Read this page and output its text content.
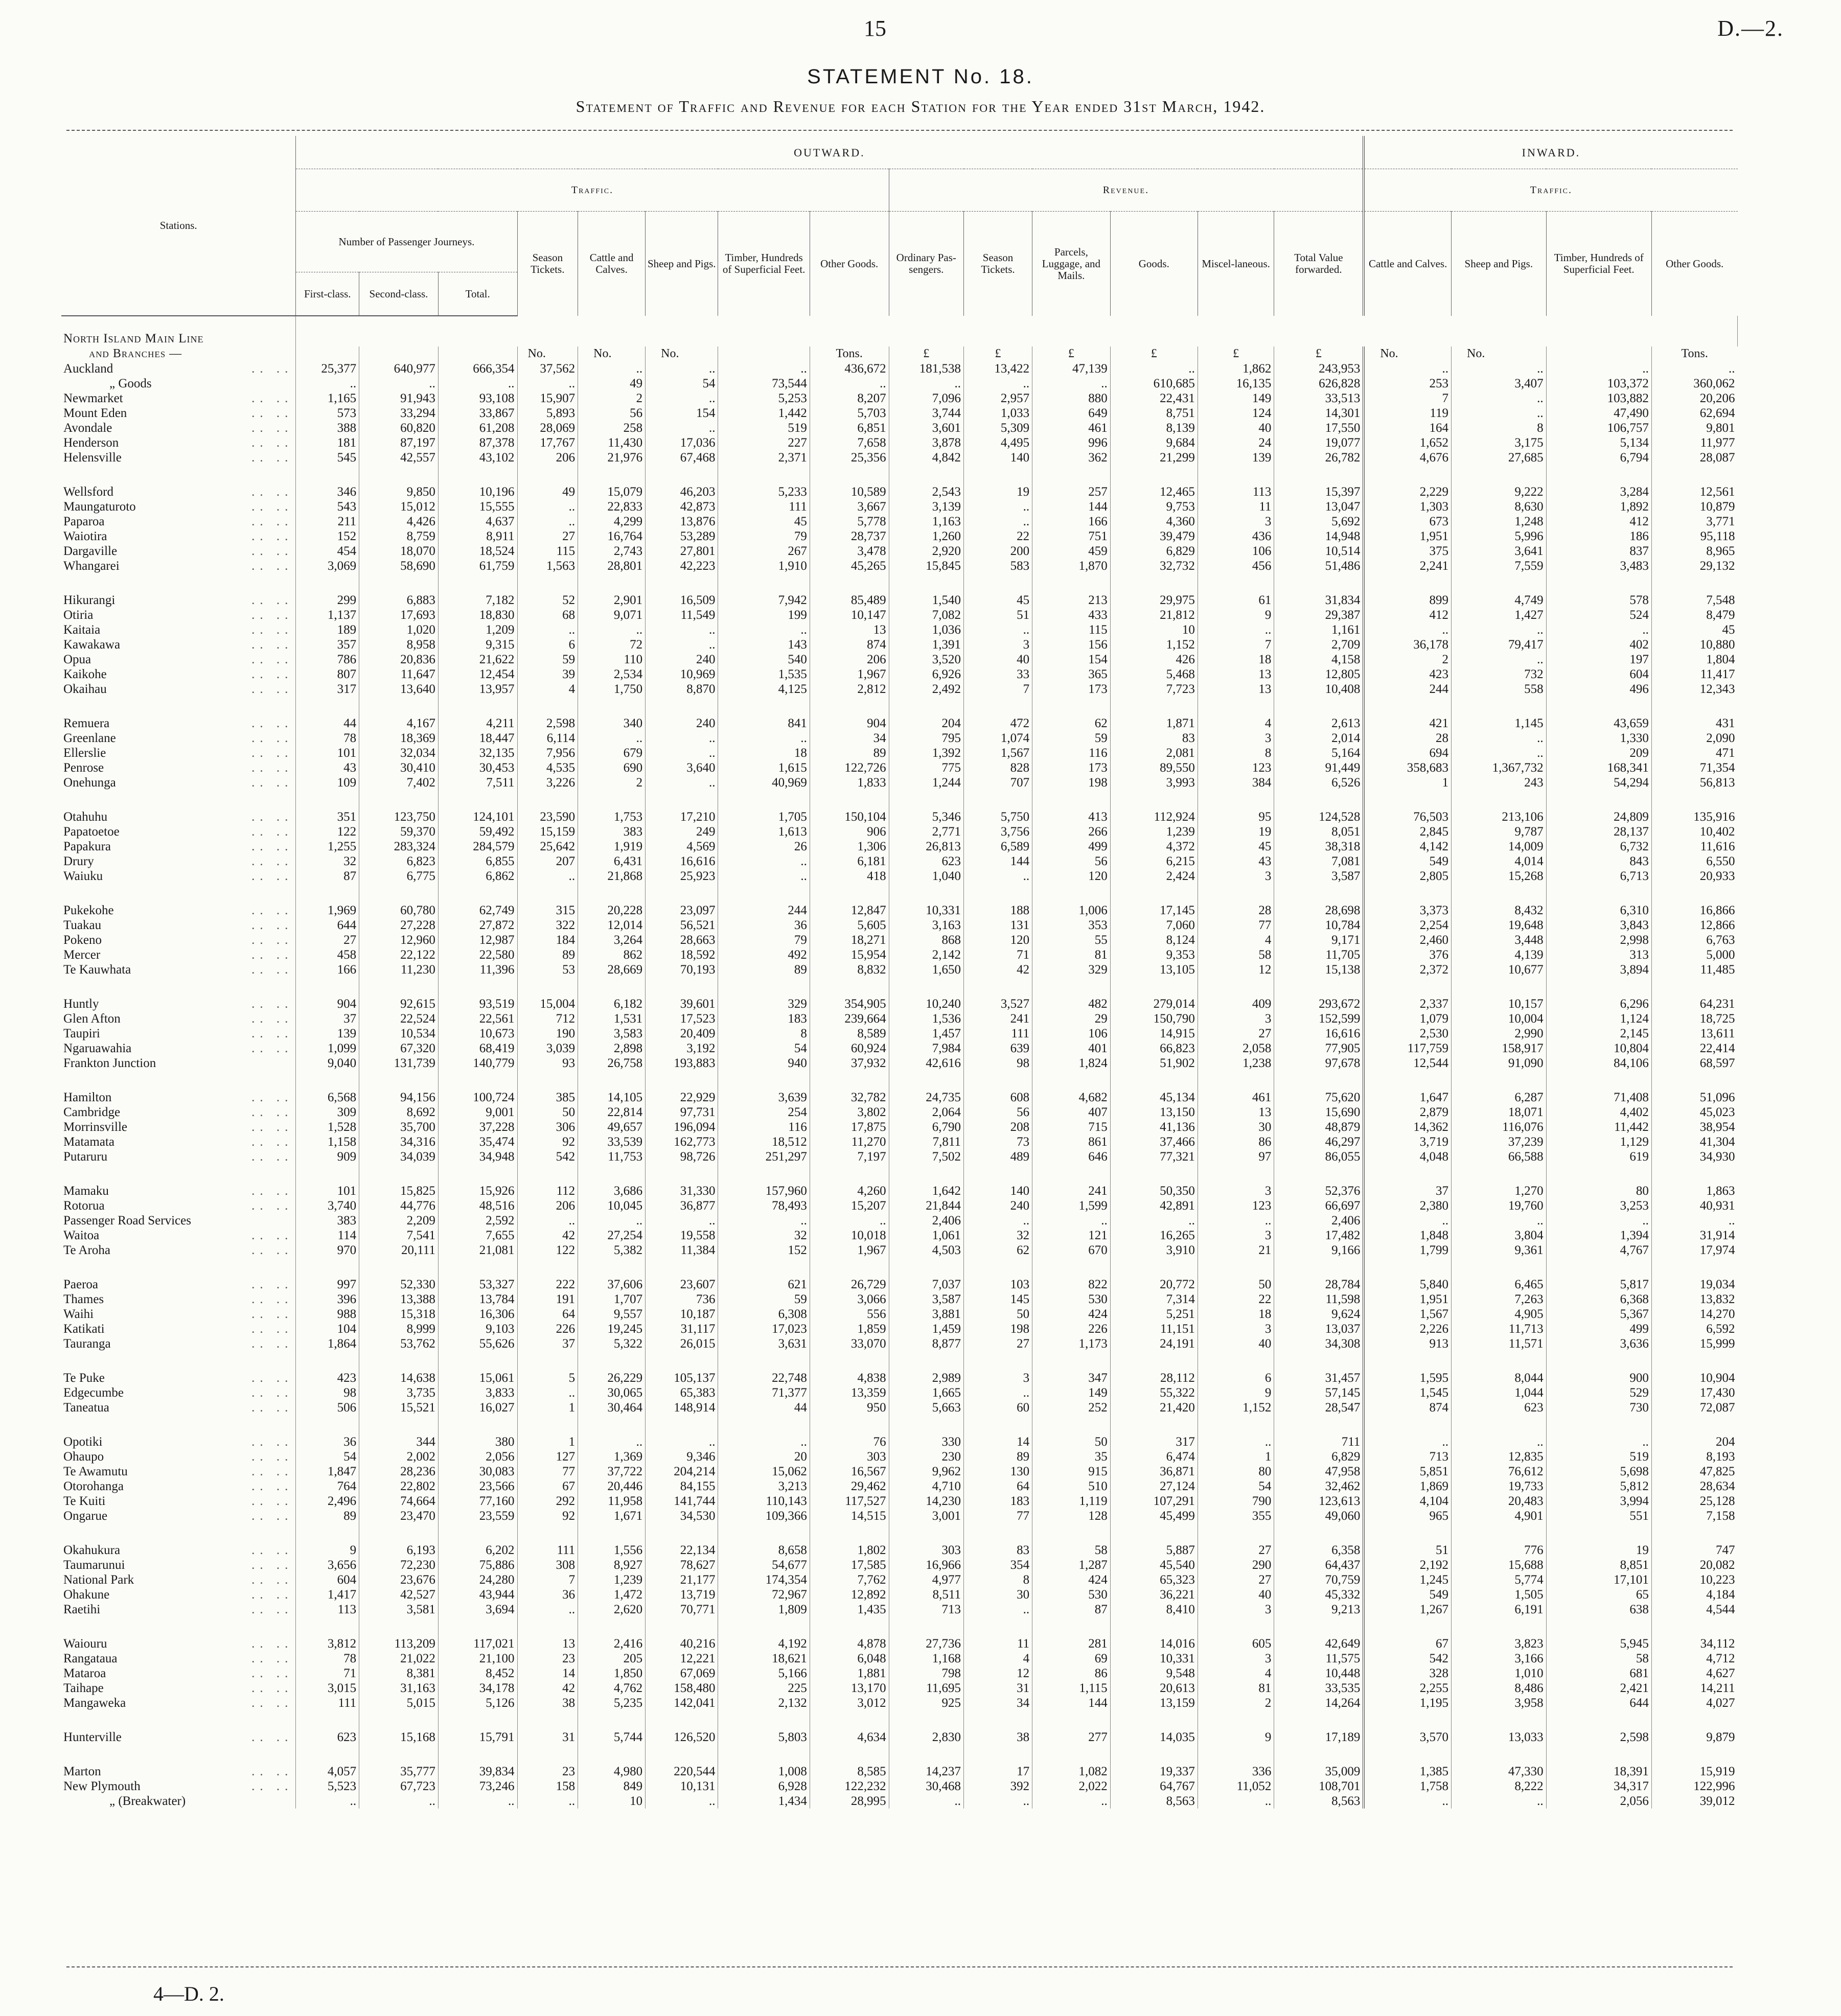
15	D.—2.
STATEMENT No. 18.
Statement of Traffic and Revenue for each Station for the Year ended 31st March, 1942.
Stations.	OUTWARD.														INWARD.			
	Traffic.								Revenue.						Traffic.			
	Number of Passenger Journeys.			Season Tickets.	Cattle and Calves.	Sheep and Pigs.	Timber, Hundreds of Superficial Feet.	Other Goods.	Ordinary Pas-sengers.	Season Tickets.	Parcels, Luggage, and Mails.	Goods.	Miscel-laneous.	Total Value forwarded.	Cattle and Calves.	Sheep and Pigs.	Timber, Hundreds of Superficial Feet.	Other Goods.
	First-class.	Second-class.	Total.															
North Island Main Line																		
and Branches —				No.	No.	No.		Tons.	£	£	£	£	£	£	No.	No.		Tons.
Auckland .. ..	25,377	640,977	666,354	37,562	..	..	..	436,672	181,538	13,422	47,139	..	1,862	243,953	..	..	..	..
„ Goods	..	..	..	..	49	54	73,544	..	..	..	..	610,685	16,135	626,828	253	3,407	103,372	360,062
Newmarket .. ..	1,165	91,943	93,108	15,907	2	..	5,253	8,207	7,096	2,957	880	22,431	149	33,513	7	..	103,882	20,206
Mount Eden .. ..	573	33,294	33,867	5,893	56	154	1,442	5,703	3,744	1,033	649	8,751	124	14,301	119	..	47,490	62,694
Avondale .. ..	388	60,820	61,208	28,069	258	..	519	6,851	3,601	5,309	461	8,139	40	17,550	164	8	106,757	9,801
Henderson .. ..	181	87,197	87,378	17,767	11,430	17,036	227	7,658	3,878	4,495	996	9,684	24	19,077	1,652	3,175	5,134	11,977
Helensville .. ..	545	42,557	43,102	206	21,976	67,468	2,371	25,356	4,842	140	362	21,299	139	26,782	4,676	27,685	6,794	28,087
Wellsford .. ..	346	9,850	10,196	49	15,079	46,203	5,233	10,589	2,543	19	257	12,465	113	15,397	2,229	9,222	3,284	12,561
Maungaturoto .. ..	543	15,012	15,555	..	22,833	42,873	111	3,667	3,139	..	144	9,753	11	13,047	1,303	8,630	1,892	10,879
Paparoa .. ..	211	4,426	4,637	..	4,299	13,876	45	5,778	1,163	..	166	4,360	3	5,692	673	1,248	412	3,771
Waiotira .. ..	152	8,759	8,911	27	16,764	53,289	79	28,737	1,260	22	751	39,479	436	14,948	1,951	5,996	186	95,118
Dargaville .. ..	454	18,070	18,524	115	2,743	27,801	267	3,478	2,920	200	459	6,829	106	10,514	375	3,641	837	8,965
Whangarei .. ..	3,069	58,690	61,759	1,563	28,801	42,223	1,910	45,265	15,845	583	1,870	32,732	456	51,486	2,241	7,559	3,483	29,132
Hikurangi .. ..	299	6,883	7,182	52	2,901	16,509	7,942	85,489	1,540	45	213	29,975	61	31,834	899	4,749	578	7,548
Otiria .. ..	1,137	17,693	18,830	68	9,071	11,549	199	10,147	7,082	51	433	21,812	9	29,387	412	1,427	524	8,479
Kaitaia .. ..	189	1,020	1,209	..	..	..	..	13	1,036	..	115	10	..	1,161	..	..	..	45
Kawakawa .. ..	357	8,958	9,315	6	72	..	143	874	1,391	3	156	1,152	7	2,709	36,178	79,417	402	10,880
Opua .. ..	786	20,836	21,622	59	110	240	540	206	3,520	40	154	426	18	4,158	2	..	197	1,804
Kaikohe .. ..	807	11,647	12,454	39	2,534	10,969	1,535	1,967	6,926	33	365	5,468	13	12,805	423	732	604	11,417
Okaihau .. ..	317	13,640	13,957	4	1,750	8,870	4,125	2,812	2,492	7	173	7,723	13	10,408	244	558	496	12,343
Remuera .. ..	44	4,167	4,211	2,598	340	240	841	904	204	472	62	1,871	4	2,613	421	1,145	43,659	431
Greenlane .. ..	78	18,369	18,447	6,114	..	..	..	34	795	1,074	59	83	3	2,014	28	..	1,330	2,090
Ellerslie .. ..	101	32,034	32,135	7,956	679	..	18	89	1,392	1,567	116	2,081	8	5,164	694	..	209	471
Penrose .. ..	43	30,410	30,453	4,535	690	3,640	1,615	122,726	775	828	173	89,550	123	91,449	358,683	1,367,732	168,341	71,354
Onehunga .. ..	109	7,402	7,511	3,226	2	..	40,969	1,833	1,244	707	198	3,993	384	6,526	1	243	54,294	56,813
Otahuhu .. ..	351	123,750	124,101	23,590	1,753	17,210	1,705	150,104	5,346	5,750	413	112,924	95	124,528	76,503	213,106	24,809	135,916
Papatoetoe .. ..	122	59,370	59,492	15,159	383	249	1,613	906	2,771	3,756	266	1,239	19	8,051	2,845	9,787	28,137	10,402
Papakura .. ..	1,255	283,324	284,579	25,642	1,919	4,569	26	1,306	26,813	6,589	499	4,372	45	38,318	4,142	14,009	6,732	11,616
Drury .. ..	32	6,823	6,855	207	6,431	16,616	..	6,181	623	144	56	6,215	43	7,081	549	4,014	843	6,550
Waiuku .. ..	87	6,775	6,862	..	21,868	25,923	..	418	1,040	..	120	2,424	3	3,587	2,805	15,268	6,713	20,933
Pukekohe .. ..	1,969	60,780	62,749	315	20,228	23,097	244	12,847	10,331	188	1,006	17,145	28	28,698	3,373	8,432	6,310	16,866
Tuakau .. ..	644	27,228	27,872	322	12,014	56,521	36	5,605	3,163	131	353	7,060	77	10,784	2,254	19,648	3,843	12,866
Pokeno .. ..	27	12,960	12,987	184	3,264	28,663	79	18,271	868	120	55	8,124	4	9,171	2,460	3,448	2,998	6,763
Mercer .. ..	458	22,122	22,580	89	862	18,592	492	15,954	2,142	71	81	9,353	58	11,705	376	4,139	313	5,000
Te Kauwhata .. ..	166	11,230	11,396	53	28,669	70,193	89	8,832	1,650	42	329	13,105	12	15,138	2,372	10,677	3,894	11,485
Huntly .. ..	904	92,615	93,519	15,004	6,182	39,601	329	354,905	10,240	3,527	482	279,014	409	293,672	2,337	10,157	6,296	64,231
Glen Afton .. ..	37	22,524	22,561	712	1,531	17,523	183	239,664	1,536	241	29	150,790	3	152,599	1,079	10,004	1,124	18,725
Taupiri .. ..	139	10,534	10,673	190	3,583	20,409	8	8,589	1,457	111	106	14,915	27	16,616	2,530	2,990	2,145	13,611
Ngaruawahia .. ..	1,099	67,320	68,419	3,039	2,898	3,192	54	60,924	7,984	639	401	66,823	2,058	77,905	117,759	158,917	10,804	22,414
Frankton Junction	9,040	131,739	140,779	93	26,758	193,883	940	37,932	42,616	98	1,824	51,902	1,238	97,678	12,544	91,090	84,106	68,597
Hamilton .. ..	6,568	94,156	100,724	385	14,105	22,929	3,639	32,782	24,735	608	4,682	45,134	461	75,620	1,647	6,287	71,408	51,096
Cambridge .. ..	309	8,692	9,001	50	22,814	97,731	254	3,802	2,064	56	407	13,150	13	15,690	2,879	18,071	4,402	45,023
Morrinsville .. ..	1,528	35,700	37,228	306	49,657	196,094	116	17,875	6,790	208	715	41,136	30	48,879	14,362	116,076	11,442	38,954
Matamata .. ..	1,158	34,316	35,474	92	33,539	162,773	18,512	11,270	7,811	73	861	37,466	86	46,297	3,719	37,239	1,129	41,304
Putaruru .. ..	909	34,039	34,948	542	11,753	98,726	251,297	7,197	7,502	489	646	77,321	97	86,055	4,048	66,588	619	34,930
Mamaku .. ..	101	15,825	15,926	112	3,686	31,330	157,960	4,260	1,642	140	241	50,350	3	52,376	37	1,270	80	1,863
Rotorua .. ..	3,740	44,776	48,516	206	10,045	36,877	78,493	15,207	21,844	240	1,599	42,891	123	66,697	2,380	19,760	3,253	40,931
Passenger Road Services	383	2,209	2,592	..	..	..	..	..	2,406	..	..	..	..	2,406	..	..	..	..
Waitoa .. ..	114	7,541	7,655	42	27,254	19,558	32	10,018	1,061	32	121	16,265	3	17,482	1,848	3,804	1,394	31,914
Te Aroha .. ..	970	20,111	21,081	122	5,382	11,384	152	1,967	4,503	62	670	3,910	21	9,166	1,799	9,361	4,767	17,974
Paeroa .. ..	997	52,330	53,327	222	37,606	23,607	621	26,729	7,037	103	822	20,772	50	28,784	5,840	6,465	5,817	19,034
Thames .. ..	396	13,388	13,784	191	1,707	736	59	3,066	3,587	145	530	7,314	22	11,598	1,951	7,263	6,368	13,832
Waihi .. ..	988	15,318	16,306	64	9,557	10,187	6,308	556	3,881	50	424	5,251	18	9,624	1,567	4,905	5,367	14,270
Katikati .. ..	104	8,999	9,103	226	19,245	31,117	17,023	1,859	1,459	198	226	11,151	3	13,037	2,226	11,713	499	6,592
Tauranga .. ..	1,864	53,762	55,626	37	5,322	26,015	3,631	33,070	8,877	27	1,173	24,191	40	34,308	913	11,571	3,636	15,999
Te Puke .. ..	423	14,638	15,061	5	26,229	105,137	22,748	4,838	2,989	3	347	28,112	6	31,457	1,595	8,044	900	10,904
Edgecumbe .. ..	98	3,735	3,833	..	30,065	65,383	71,377	13,359	1,665	..	149	55,322	9	57,145	1,545	1,044	529	17,430
Taneatua .. ..	506	15,521	16,027	1	30,464	148,914	44	950	5,663	60	252	21,420	1,152	28,547	874	623	730	72,087
Opotiki .. ..	36	344	380	1	..	..	..	76	330	14	50	317	..	711	..	..	..	204
Ohaupo .. ..	54	2,002	2,056	127	1,369	9,346	20	303	230	89	35	6,474	1	6,829	713	12,835	519	8,193
Te Awamutu .. ..	1,847	28,236	30,083	77	37,722	204,214	15,062	16,567	9,962	130	915	36,871	80	47,958	5,851	76,612	5,698	47,825
Otorohanga .. ..	764	22,802	23,566	67	20,446	84,155	3,213	29,462	4,710	64	510	27,124	54	32,462	1,869	19,733	5,812	28,634
Te Kuiti .. ..	2,496	74,664	77,160	292	11,958	141,744	110,143	117,527	14,230	183	1,119	107,291	790	123,613	4,104	20,483	3,994	25,128
Ongarue .. ..	89	23,470	23,559	92	1,671	34,530	109,366	14,515	3,001	77	128	45,499	355	49,060	965	4,901	551	7,158
Okahukura .. ..	9	6,193	6,202	111	1,556	22,134	8,658	1,802	303	83	58	5,887	27	6,358	51	776	19	747
Taumarunui .. ..	3,656	72,230	75,886	308	8,927	78,627	54,677	17,585	16,966	354	1,287	45,540	290	64,437	2,192	15,688	8,851	20,082
National Park .. ..	604	23,676	24,280	7	1,239	21,177	174,354	7,762	4,977	8	424	65,323	27	70,759	1,245	5,774	17,101	10,223
Ohakune .. ..	1,417	42,527	43,944	36	1,472	13,719	72,967	12,892	8,511	30	530	36,221	40	45,332	549	1,505	65	4,184
Raetihi .. ..	113	3,581	3,694	..	2,620	70,771	1,809	1,435	713	..	87	8,410	3	9,213	1,267	6,191	638	4,544
Waiouru .. ..	3,812	113,209	117,021	13	2,416	40,216	4,192	4,878	27,736	11	281	14,016	605	42,649	67	3,823	5,945	34,112
Rangataua .. ..	78	21,022	21,100	23	205	12,221	18,621	6,048	1,168	4	69	10,331	3	11,575	542	3,166	58	4,712
Mataroa .. ..	71	8,381	8,452	14	1,850	67,069	5,166	1,881	798	12	86	9,548	4	10,448	328	1,010	681	4,627
Taihape .. ..	3,015	31,163	34,178	42	4,762	158,480	225	13,170	11,695	31	1,115	20,613	81	33,535	2,255	8,486	2,421	14,211
Mangaweka .. ..	111	5,015	5,126	38	5,235	142,041	2,132	3,012	925	34	144	13,159	2	14,264	1,195	3,958	644	4,027
Hunterville .. ..	623	15,168	15,791	31	5,744	126,520	5,803	4,634	2,830	38	277	14,035	9	17,189	3,570	13,033	2,598	9,879
Marton .. ..	4,057	35,777	39,834	23	4,980	220,544	1,008	8,585	14,237	17	1,082	19,337	336	35,009	1,385	47,330	18,391	15,919
New Plymouth .. ..	5,523	67,723	73,246	158	849	10,131	6,928	122,232	30,468	392	2,022	64,767	11,052	108,701	1,758	8,222	34,317	122,996
„ (Breakwater)	..	..	..	..	10	..	1,434	28,995	..	..	..	8,563	..	8,563	..	..	2,056	39,012
4—D. 2.
